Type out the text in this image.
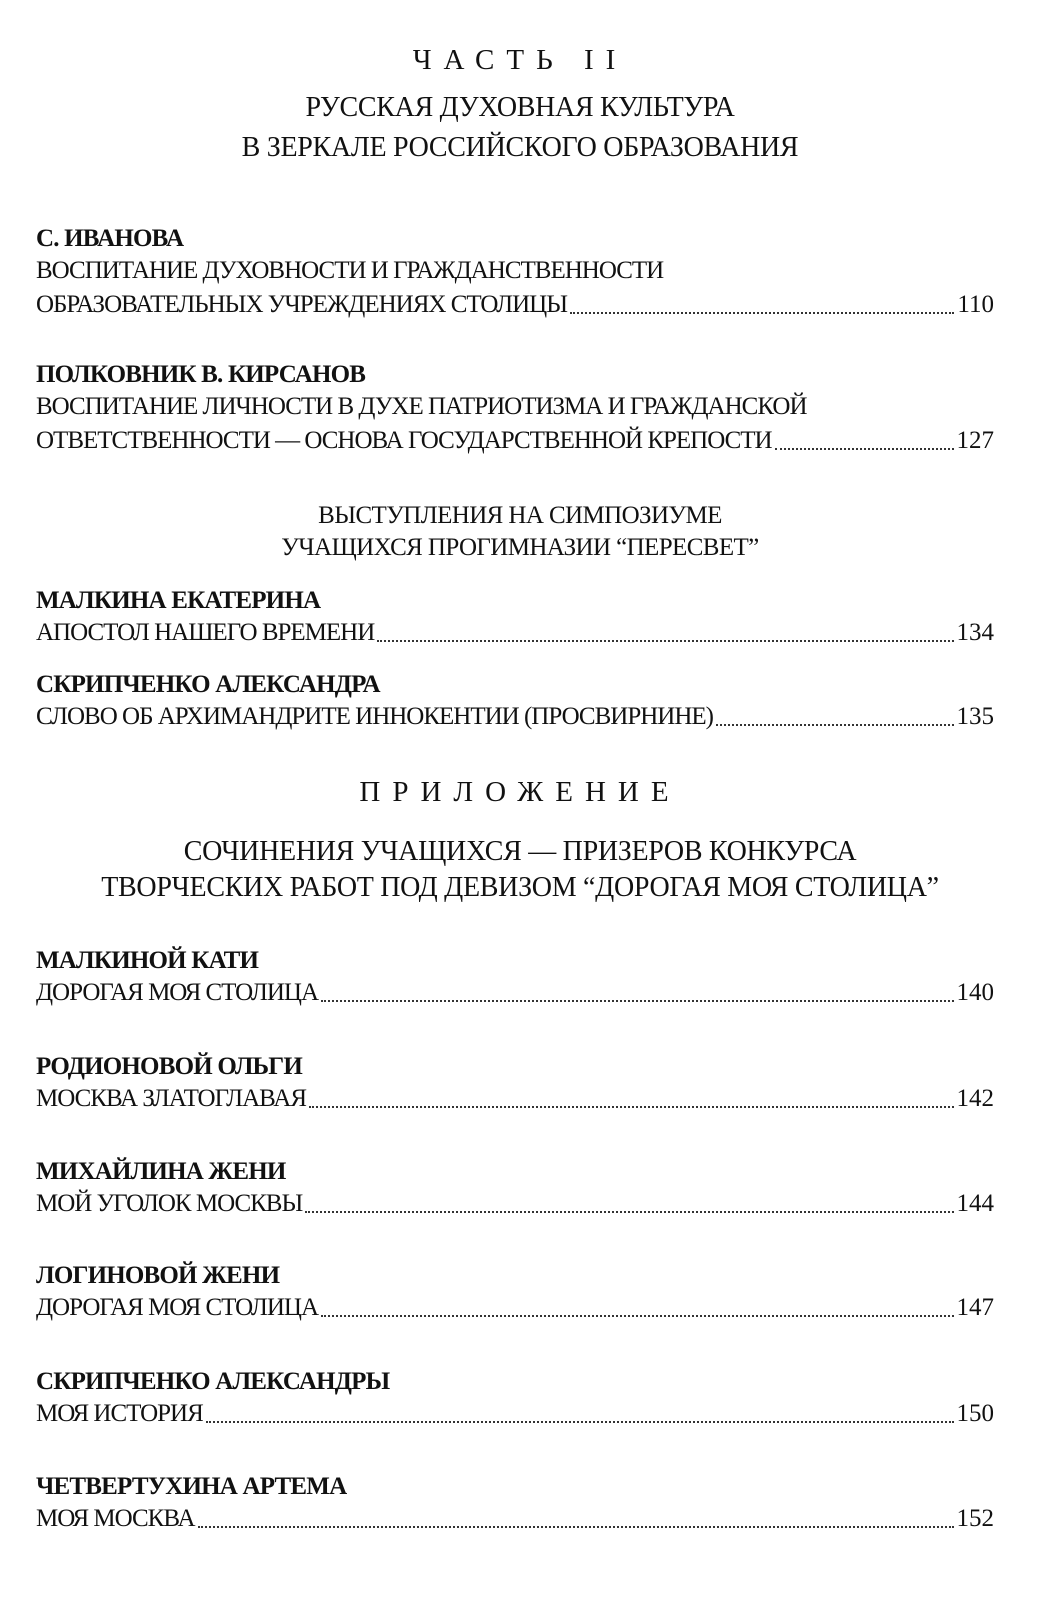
ЧАСТЬ II
РУССКАЯ ДУХОВНАЯ КУЛЬТУРА
В ЗЕРКАЛЕ РОССИЙСКОГО ОБРАЗОВАНИЯ
С. ИВАНОВА
ВОСПИТАНИЕ ДУХОВНОСТИ И ГРАЖДАНСТВЕННОСТИ
ОБРАЗОВАТЕЛЬНЫХ УЧРЕЖДЕНИЯХ СТОЛИЦЫ	110
ПОЛКОВНИК В. КИРСАНОВ
ВОСПИТАНИЕ ЛИЧНОСТИ В ДУХЕ ПАТРИОТИЗМА И ГРАЖДАНСКОЙ
ОТВЕТСТВЕННОСТИ — ОСНОВА ГОСУДАРСТВЕННОЙ КРЕПОСТИ	127
ВЫСТУПЛЕНИЯ НА СИМПОЗИУМЕ
УЧАЩИХСЯ ПРОГИМНАЗИИ “ПЕРЕСВЕТ”
МАЛКИНА ЕКАТЕРИНА
АПОСТОЛ НАШЕГО ВРЕМЕНИ	134
СКРИПЧЕНКО АЛЕКСАНДРА
СЛОВО ОБ АРХИМАНДРИТЕ ИННОКЕНТИИ (ПРОСВИРНИНЕ)	135
ПРИЛОЖЕНИЕ
СОЧИНЕНИЯ УЧАЩИХСЯ — ПРИЗЕРОВ КОНКУРСА
ТВОРЧЕСКИХ РАБОТ ПОД ДЕВИЗОМ “ДОРОГАЯ МОЯ СТОЛИЦА”
МАЛКИНОЙ КАТИ
ДОРОГАЯ МОЯ СТОЛИЦА	140
РОДИОНОВОЙ ОЛЬГИ
МОСКВА ЗЛАТОГЛАВАЯ	142
МИХАЙЛИНА ЖЕНИ
МОЙ УГОЛОК МОСКВЫ	144
ЛОГИНОВОЙ ЖЕНИ
ДОРОГАЯ МОЯ СТОЛИЦА	147
СКРИПЧЕНКО АЛЕКСАНДРЫ
МОЯ ИСТОРИЯ	150
ЧЕТВЕРТУХИНА АРТЕМА
МОЯ МОСКВА	152
